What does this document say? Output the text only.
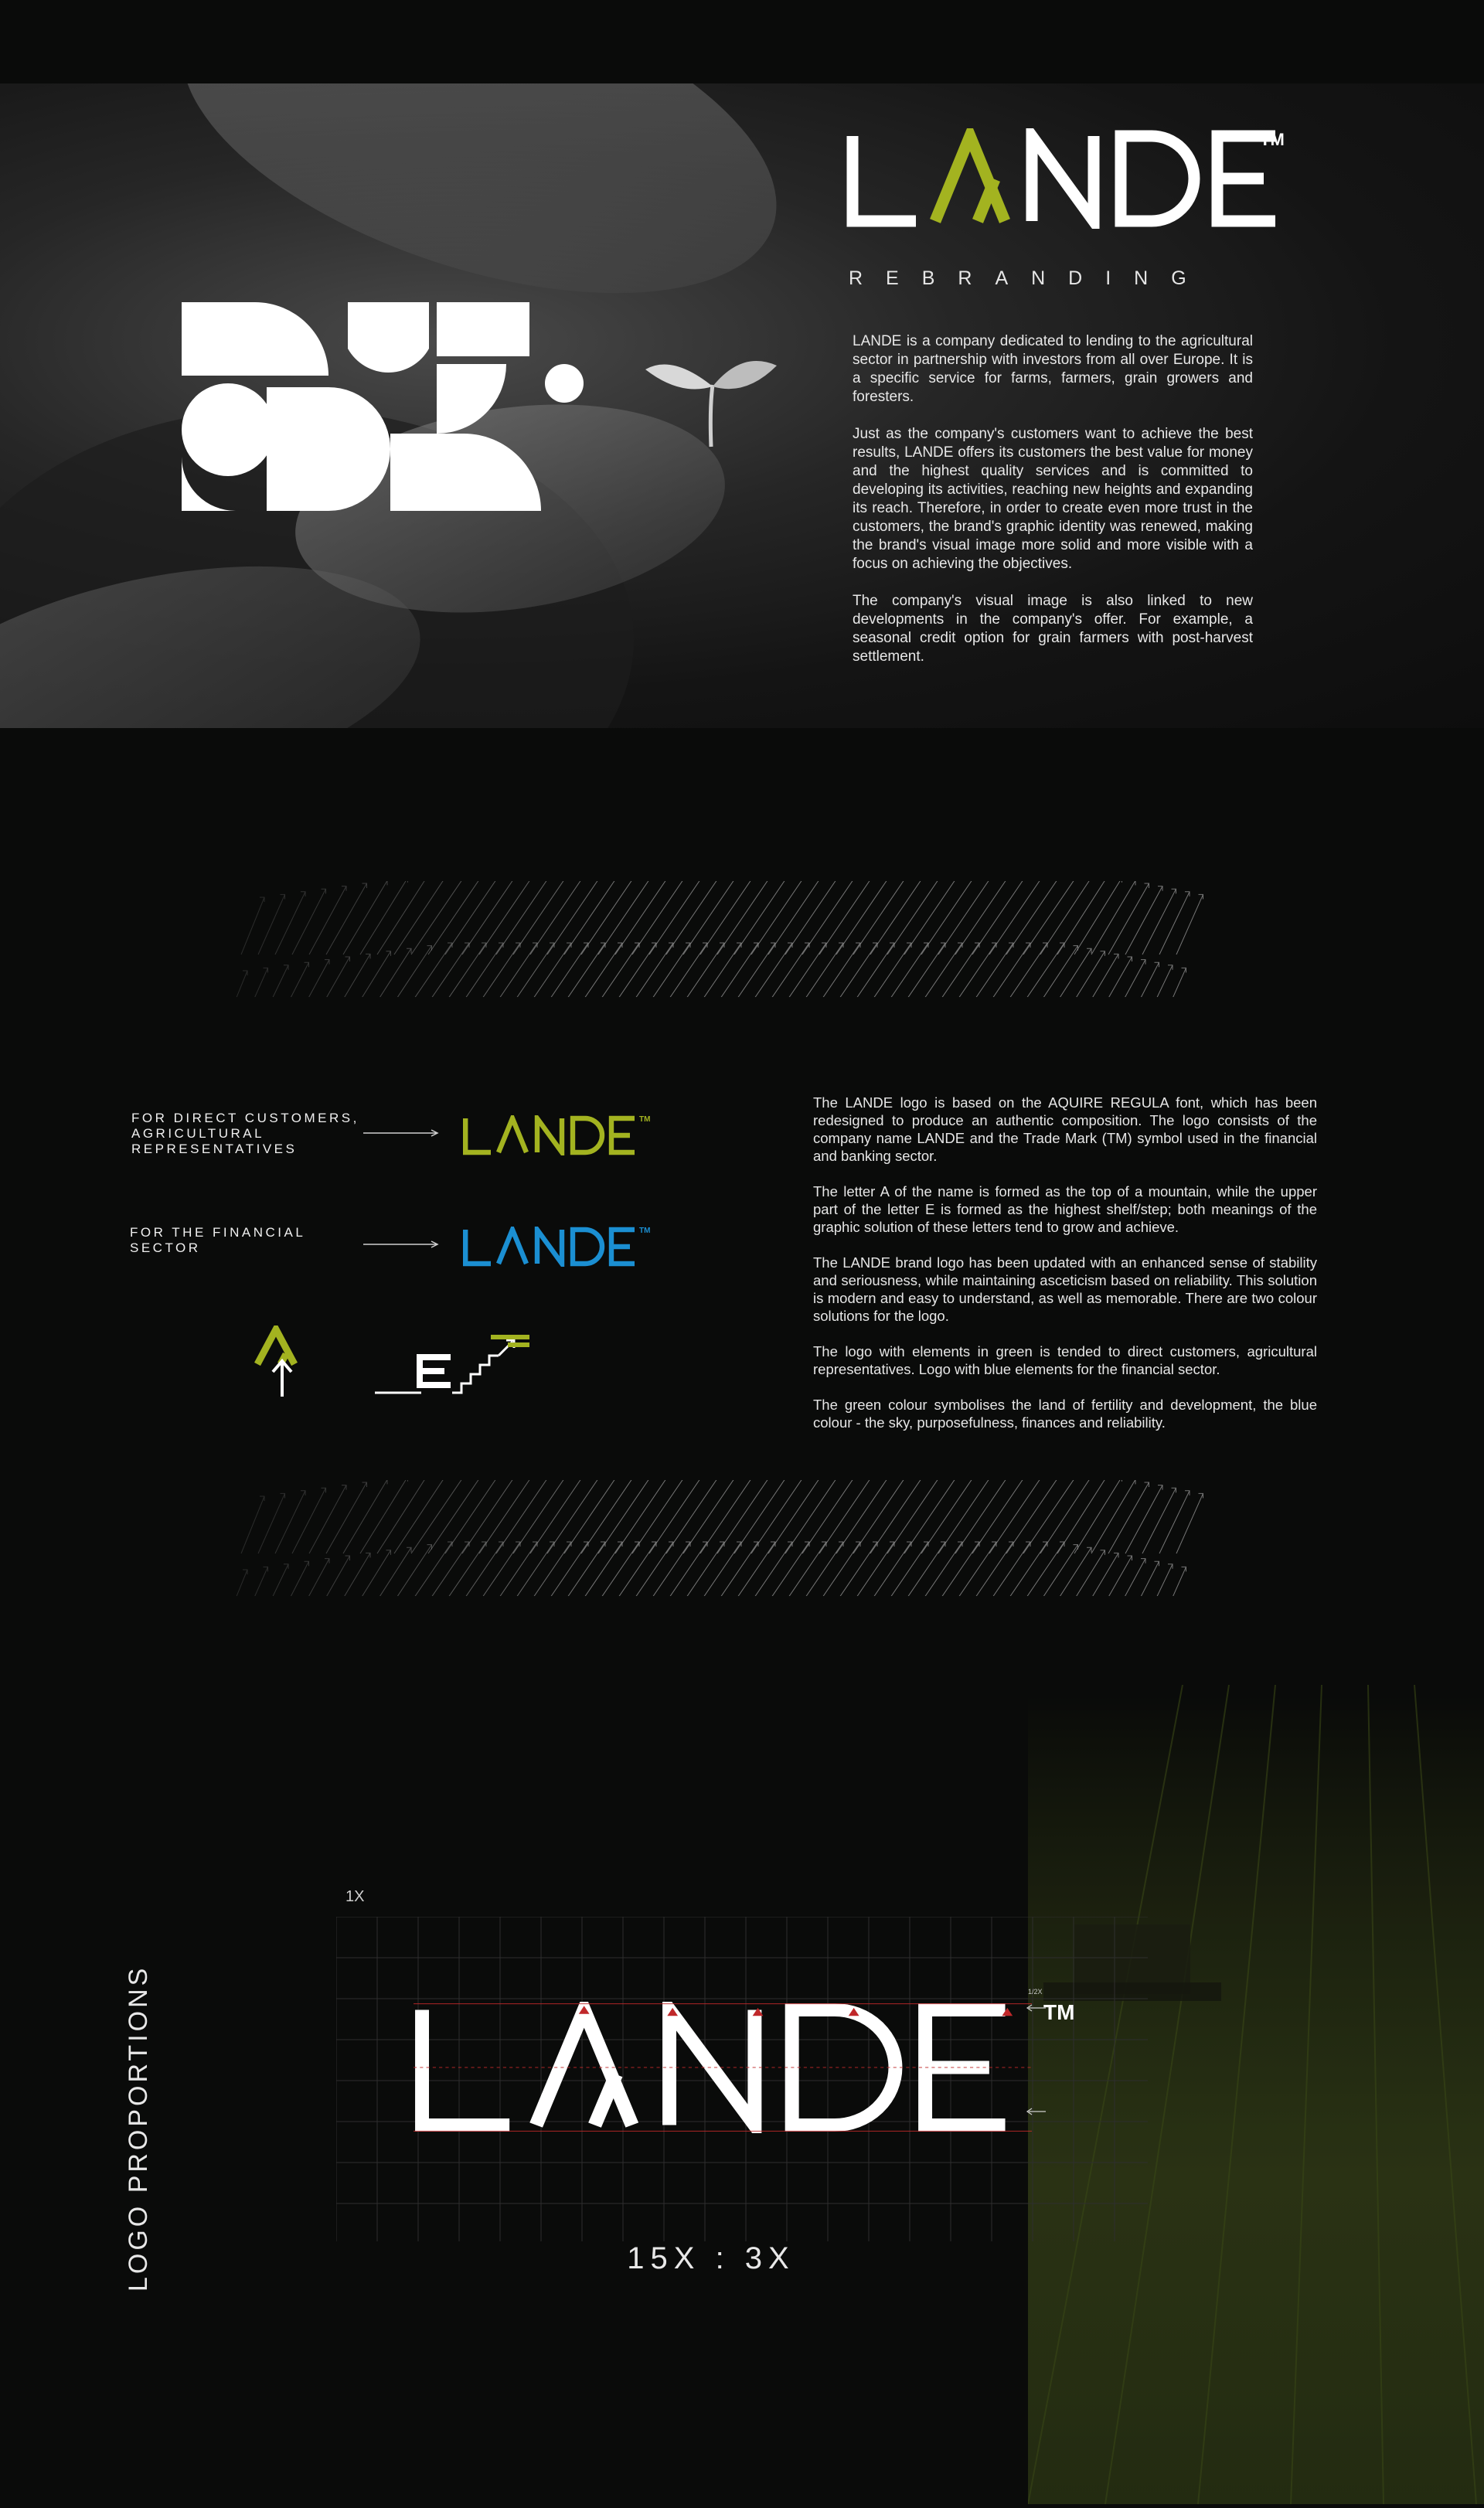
TM
REBRANDING

LANDE is a company dedicated to lending to the agricultural sector in partnership with investors from all over Europe. It is a specific service for farms, farmers, grain growers and foresters.

Just as the company's customers want to achieve the best results, LANDE offers its customers the best value for money and the highest quality services and is committed to developing its activities, reaching new heights and expanding its reach. Therefore, in order to create even more trust in the customers, the brand's graphic identity was renewed, making the brand's visual image more solid and more visible with a focus on achieving the objectives.

The company's visual image is also linked to new developments in the company's offer. For example, a seasonal credit option for grain farmers with post-harvest settlement.

FOR DIRECT CUSTOMERS,
AGRICULTURAL
REPRESENTATIVES
TM
FOR THE FINANCIAL
SECTOR
TM

The LANDE logo is based on the AQUIRE REGULA font, which has been redesigned to produce an authentic composition. The logo consists of the company name LANDE and the Trade Mark (TM) symbol used in the financial and banking sector.

The letter A of the name is formed as the top of a mountain, while the upper part of the letter E is formed as the highest shelf/step; both meanings of the graphic solution of these letters tend to grow and achieve.

The LANDE brand logo has been updated with an enhanced sense of stability and seriousness, while maintaining asceticism based on reliability. This solution is modern and easy to understand, as well as memorable. There are two colour solutions for the logo.

The logo with elements in green is tended to direct customers, agricultural representatives. Logo with blue elements for the financial sector.

The green colour symbolises the land of fertility and development, the blue colour - the sky, purposefulness, finances and reliability.

LOGO PROPORTIONS
1X
TM
1/2X
15X : 3X
